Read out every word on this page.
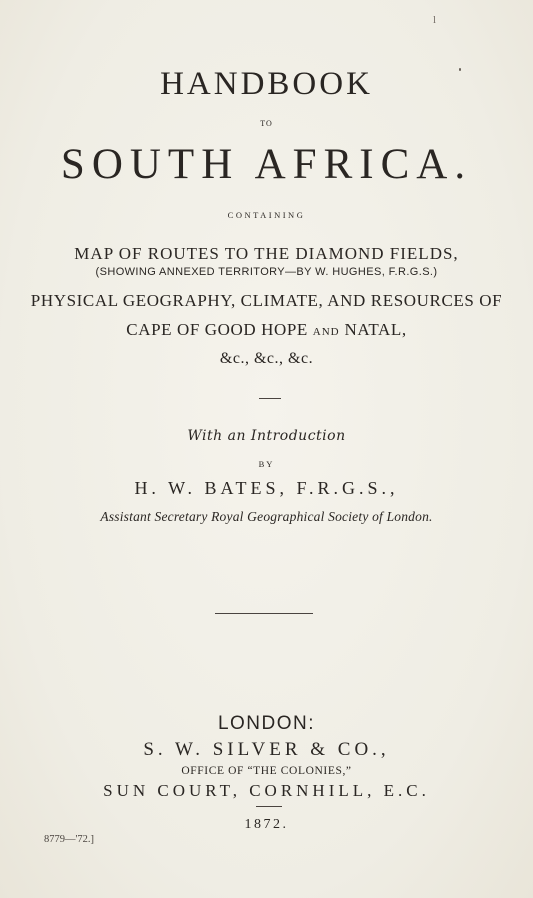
l
HANDBOOK
TO
SOUTH AFRICA.
CONTAINING
MAP OF ROUTES TO THE DIAMOND FIELDS,
(SHOWING ANNEXED TERRITORY—BY W. HUGHES, F.R.G.S.)
PHYSICAL GEOGRAPHY, CLIMATE, AND RESOURCES OF
CAPE OF GOOD HOPE AND NATAL,
&c., &c., &c.
With an Introduction
BY
H. W. BATES, F.R.G.S.,
Assistant Secretary Royal Geographical Society of London.
LONDON:
S. W. SILVER & CO.,
OFFICE OF “THE COLONIES,”
SUN COURT, CORNHILL, E.C.
1872.
8779—'72.]
